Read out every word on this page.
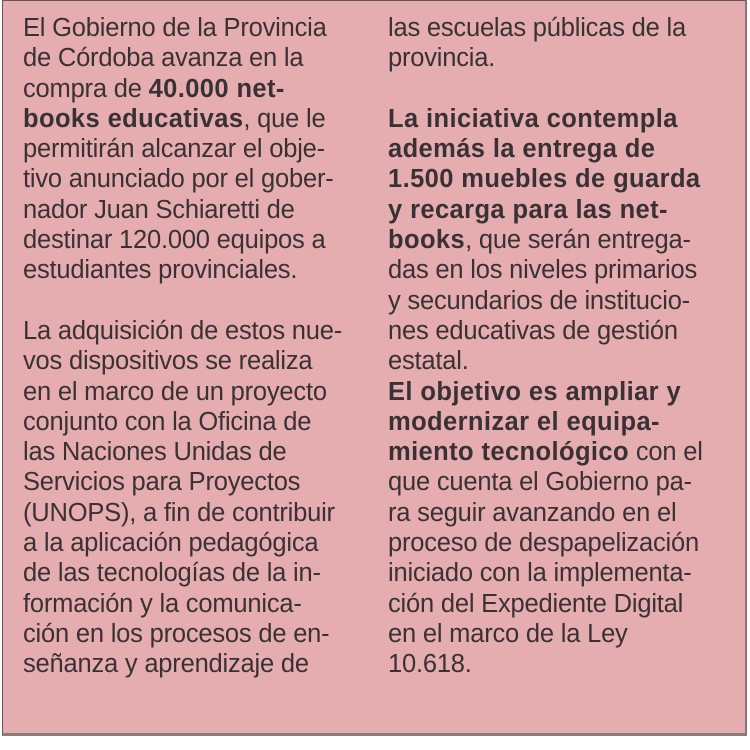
El Gobierno de la Provincia
de Córdoba avanza en la
compra de 40.000 net-
books educativas, que le
permitirán alcanzar el obje-
tivo anunciado por el gober-
nador Juan Schiaretti de
destinar 120.000 equipos a
estudiantes provinciales.
La adquisición de estos nue-
vos dispositivos se realiza
en el marco de un proyecto
conjunto con la Oficina de
las Naciones Unidas de
Servicios para Proyectos
(UNOPS), a fin de contribuir
a la aplicación pedagógica
de las tecnologías de la in-
formación y la comunica-
ción en los procesos de en-
señanza y aprendizaje de
las escuelas públicas de la
provincia.
La iniciativa contempla
además la entrega de
1.500 muebles de guarda
y recarga para las net-
books, que serán entrega-
das en los niveles primarios
y secundarios de institucio-
nes educativas de gestión
estatal.
El objetivo es ampliar y
modernizar el equipa-
miento tecnológico con el
que cuenta el Gobierno pa-
ra seguir avanzando en el
proceso de despapelización
iniciado con la implementa-
ción del Expediente Digital
en el marco de la Ley
10.618.
